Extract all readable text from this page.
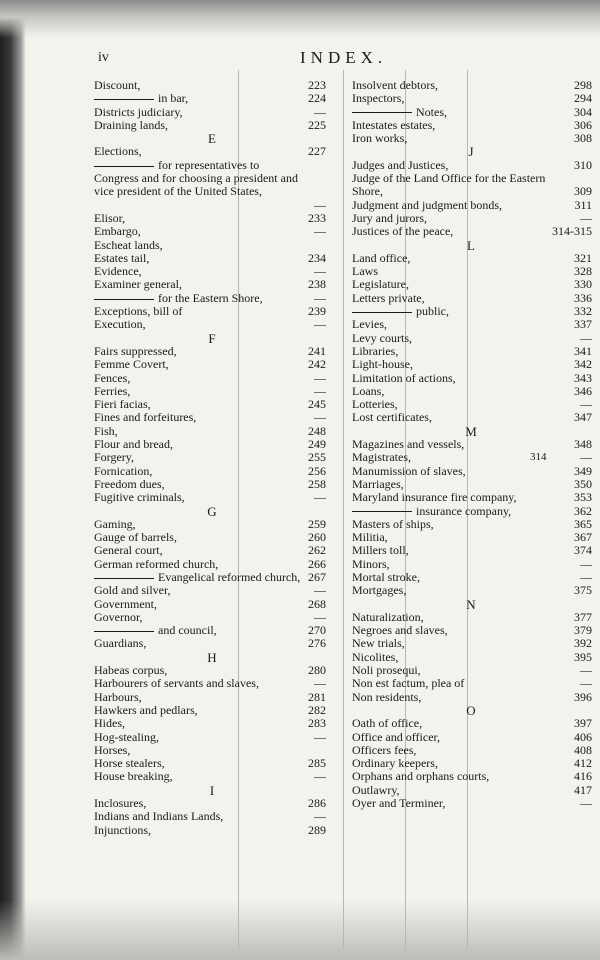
iv	INDEX.
Discount,	223
in bar,	224
Districts judiciary,	—
Draining lands,	225
E
Elections,	227
for representatives to Congress and for choosing a president and vice president of the United States,
—
Elisor,	233
Embargo,	—
Escheat lands,
Estates tail,	234
Evidence,	—
Examiner general,	238
for the Eastern Shore,	—
Exceptions, bill of	239
Execution,	—
F
Fairs suppressed,	241
Femme Covert,	242
Fences,	—
Ferries,	—
Fieri facias,	245
Fines and forfeitures,	—
Fish,	248
Flour and bread,	249
Forgery,	255
Fornication,	256
Freedom dues,	258
Fugitive criminals,	—
G
Gaming,	259
Gauge of barrels,	260
General court,	262
German reformed church,	266
Evangelical reformed church, 267
Gold and silver,	—
Government,	268
Governor,	—
and council,	270
Guardians,	276
H
Habeas corpus,	280
Harbourers of servants and slaves,	—
Harbours,	281
Hawkers and pedlars,	282
Hides,	283
Hog-stealing,	—
Horses,
Horse stealers,	285
House breaking,	—
I
Inclosures,	286
Indians and Indians Lands,	—
Injunctions,	289
Insolvent debtors,	298
Inspectors,	294
Notes,	304
Intestates estates,	306
Iron works,	308
J
Judges and Justices,	310
Judge of the Land Office for the Eastern Shore,	309
Judgment and judgment bonds,	311
Jury and jurors,	—
Justices of the peace,	314-315
L
Land office,	321
Laws	328
Legislature,	330
Letters private,	336
public,	332
Levies,	337
Levy courts,	—
Libraries,	341
Light-house,	342
Limitation of actions,	343
Loans,	346
Lotteries,	—
Lost certificates,	347
M
Magazines and vessels,	348
Magistrates,	—
314
Manumission of slaves,	349
Marriages,	350
Maryland insurance fire company,	353
insurance company,	362
Masters of ships,	365
Militia,	367
Millers toll,	374
Minors,	—
Mortal stroke,	—
Mortgages,	375
N
Naturalization,	377
Negroes and slaves,	379
New trials,	392
Nicolites,	395
Noli prosequi,	—
Non est factum, plea of	—
Non residents,	396
O
Oath of office,	397
Office and officer,	406
Officers fees,	408
Ordinary keepers,	412
Orphans and orphans courts,	416
Outlawry,	417
Oyer and Terminer,	—
